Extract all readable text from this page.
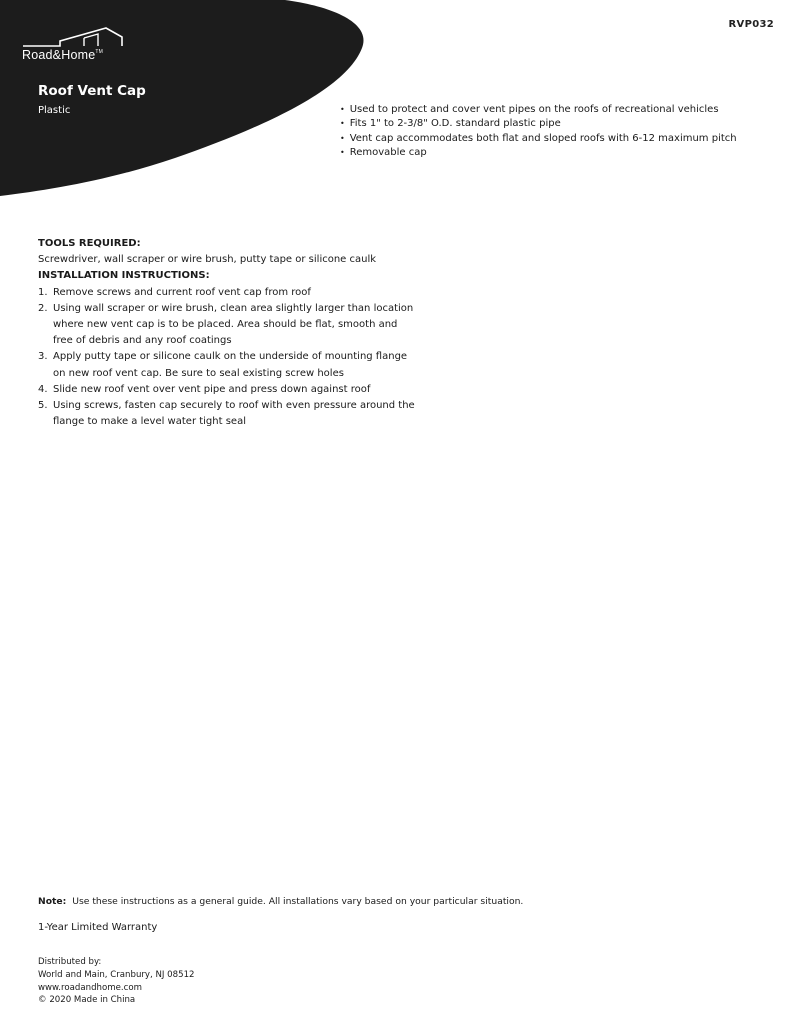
Road&Home™
RVP032
Roof Vent Cap
Plastic
•	Used to protect and cover vent pipes on the roofs of recreational vehicles
• Fits 1" to 2-3/8" O.D. standard plastic pipe
• Vent cap accommodates both flat and sloped roofs with 6-12 maximum pitch
• Removable cap
TOOLS REQUIRED:
Screwdriver, wall scraper or wire brush, putty tape or silicone caulk
INSTALLATION INSTRUCTIONS:
1. Remove screws and current roof vent cap from roof
2. Using wall scraper or wire brush, clean area slightly larger than location where new vent cap is to be placed. Area should be flat, smooth and free of debris and any roof coatings
3. Apply putty tape or silicone caulk on the underside of mounting flange on new roof vent cap. Be sure to seal existing screw holes
4. Slide new roof vent over vent pipe and press down against roof
5. Using screws, fasten cap securely to roof with even pressure around the flange to make a level water tight seal
Note: Use these instructions as a general guide. All installations vary based on your particular situation.
1-Year Limited Warranty
Distributed by:
World and Main, Cranbury, NJ 08512
www.roadandhome.com
© 2020 Made in China
